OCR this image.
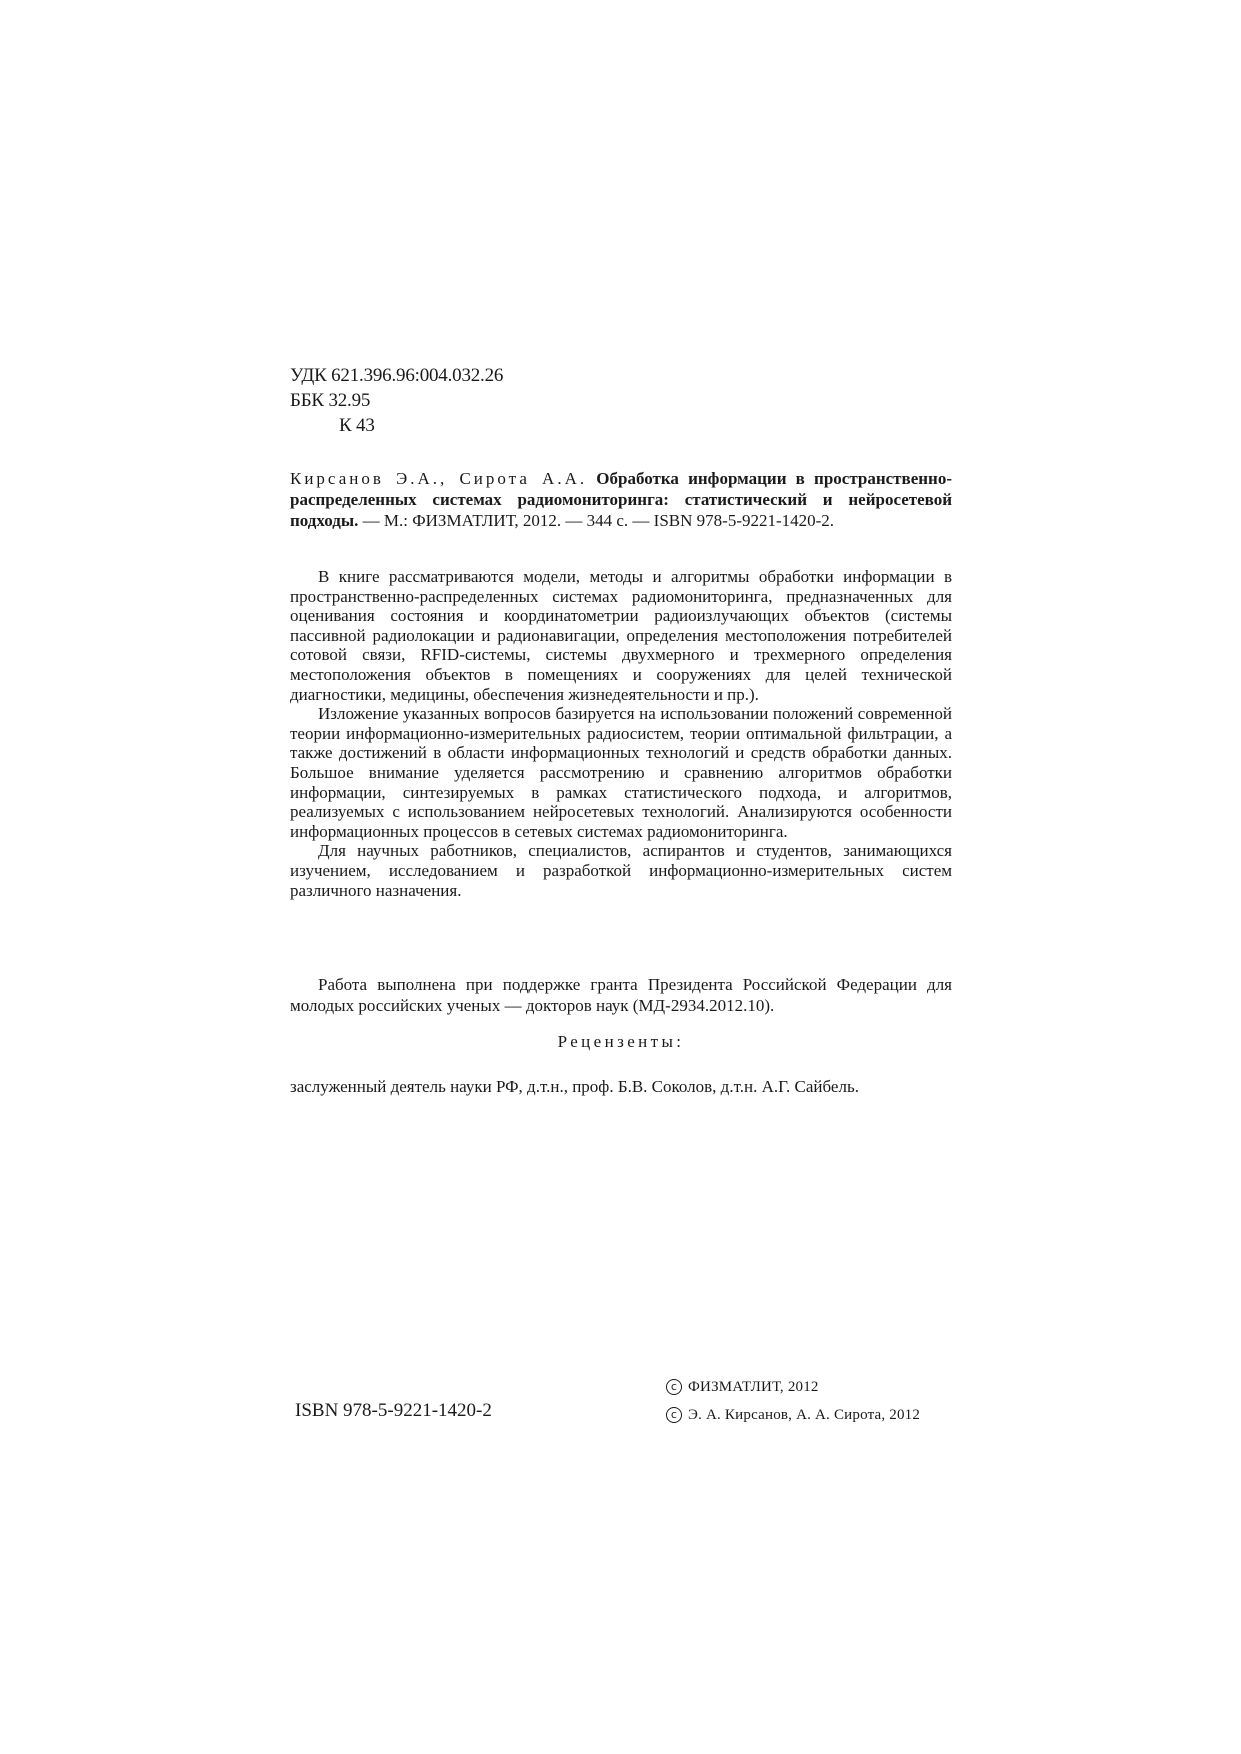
УДК 621.396.96:004.032.26
ББК 32.95
К 43
Кирсанов Э.А., Сирота А.А. Обработка информации в пространственно-распределенных системах радиомониторинга: статистический и нейросетевой подходы. — М.: ФИЗМАТЛИТ, 2012. — 344 с. — ISBN 978-5-9221-1420-2.

В книге рассматриваются модели, методы и алгоритмы обработки информации в пространственно-распределенных системах радиомониторинга, предназначенных для оценивания состояния и координатометрии радиоизлучающих объектов (системы пассивной радиолокации и радионавигации, определения местоположения потребителей сотовой связи, RFID-системы, системы двухмерного и трехмерного определения местоположения объектов в помещениях и сооружениях для целей технической диагностики, медицины, обеспечения жизнедеятельности и пр.).

Изложение указанных вопросов базируется на использовании положений современной теории информационно-измерительных радиосистем, теории оптимальной фильтрации, а также достижений в области информационных технологий и средств обработки данных. Большое внимание уделяется рассмотрению и сравнению алгоритмов обработки информации, синтезируемых в рамках статистического подхода, и алгоритмов, реализуемых с использованием нейросетевых технологий. Анализируются особенности информационных процессов в сетевых системах радиомониторинга.

Для научных работников, специалистов, аспирантов и студентов, занимающихся изучением, исследованием и разработкой информационно-измерительных систем различного назначения.

Работа выполнена при поддержке гранта Президента Российской Федерации для молодых российских ученых — докторов наук (МД-2934.2012.10).

Рецензенты:
заслуженный деятель науки РФ, д.т.н., проф. Б.В. Соколов, д.т.н. А.Г. Сайбель.
ISBN 978-5-9221-1420-2
c ФИЗМАТЛИТ, 2012
c Э. А. Кирсанов, А. А. Сирота, 2012
